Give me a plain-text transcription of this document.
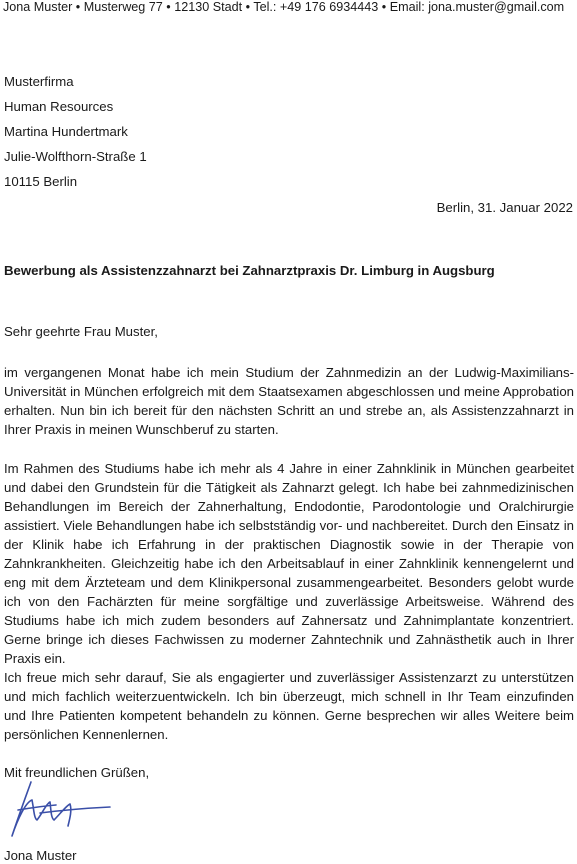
Jona Muster • Musterweg 77 • 12130 Stadt • Tel.: +49 176 6934443 • Email: jona.muster@gmail.com
Musterfirma
Human Resources
Martina Hundertmark
Julie-Wolfthorn-Straße 1
10115 Berlin
Berlin, 31. Januar 2022
Bewerbung als Assistenzzahnarzt bei Zahnarztpraxis Dr. Limburg in Augsburg
Sehr geehrte Frau Muster,
im vergangenen Monat habe ich mein Studium der Zahnmedizin an der Ludwig-Maximilians-Universität in München erfolgreich mit dem Staatsexamen abgeschlossen und meine Approbation erhalten. Nun bin ich bereit für den nächsten Schritt an und strebe an, als Assistenzzahnarzt in Ihrer Praxis in meinen Wunschberuf zu starten.
Im Rahmen des Studiums habe ich mehr als 4 Jahre in einer Zahnklinik in München gearbeitet und dabei den Grundstein für die Tätigkeit als Zahnarzt gelegt. Ich habe bei zahnmedizinischen Behandlungen im Bereich der Zahnerhaltung, Endodontie, Parodontologie und Oralchirurgie assistiert. Viele Behandlungen habe ich selbstständig vor- und nachbereitet. Durch den Einsatz in der Klinik habe ich Erfahrung in der praktischen Diagnostik sowie in der Therapie von Zahnkrankheiten. Gleichzeitig habe ich den Arbeitsablauf in einer Zahnklinik kennengelernt und eng mit dem Ärzteteam und dem Klinikpersonal zusammengearbeitet. Besonders gelobt wurde ich von den Fachärzten für meine sorgfältige und zuverlässige Arbeitsweise. Während des Studiums habe ich mich zudem besonders auf Zahnersatz und Zahnimplantate konzentriert. Gerne bringe ich dieses Fachwissen zu moderner Zahntechnik und Zahnästhetik auch in Ihrer Praxis ein.
Ich freue mich sehr darauf, Sie als engagierter und zuverlässiger Assistenzarzt zu unterstützen und mich fachlich weiterzuentwickeln. Ich bin überzeugt, mich schnell in Ihr Team einzufinden und Ihre Patienten kompetent behandeln zu können. Gerne besprechen wir alles Weitere beim persönlichen Kennenlernen.
Mit freundlichen Grüßen,
Jona Muster
